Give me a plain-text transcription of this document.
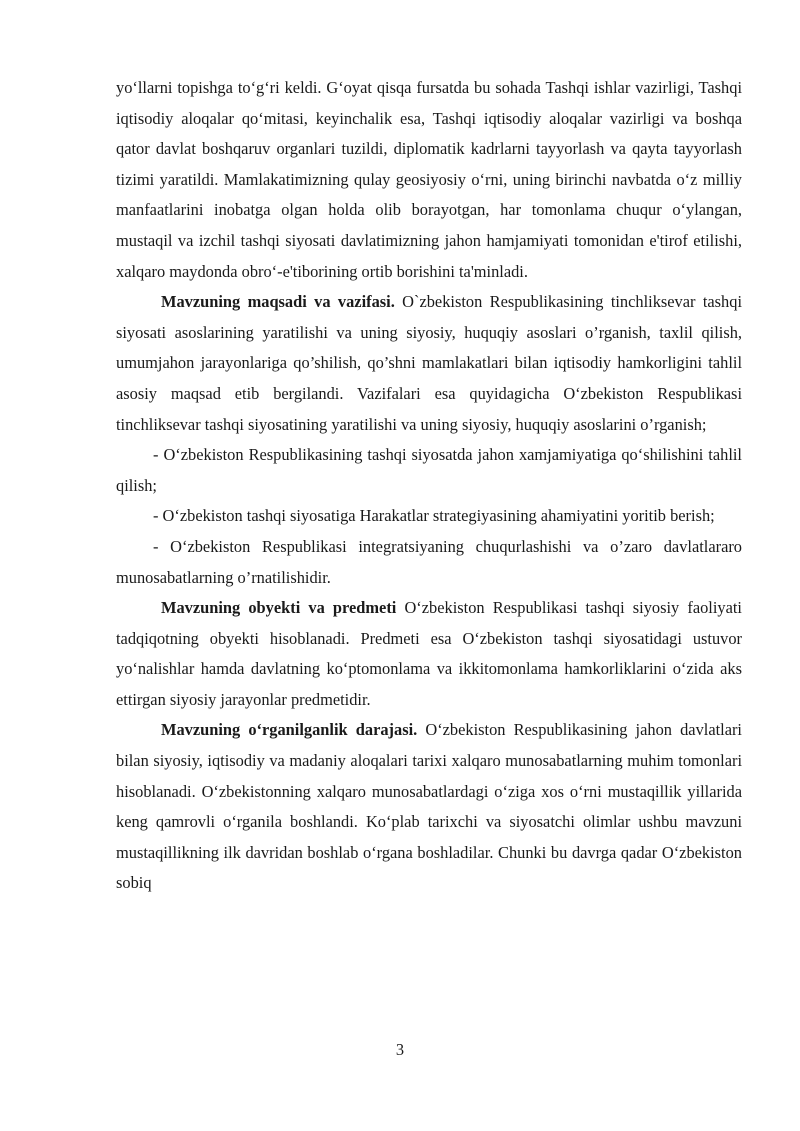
yo‘llarni topishga to‘g‘ri keldi. G‘oyat qisqa fursatda bu sohada Tashqi ishlar vazirligi, Tashqi iqtisodiy aloqalar qo‘mitasi, keyinchalik esa, Tashqi iqtisodiy aloqalar vazirligi va boshqa qator davlat boshqaruv organlari tuzildi, diplomatik kadrlarni tayyorlash va qayta tayyorlash tizimi yaratildi. Mamlakatimizning qulay geosiyosiy o‘rni, uning birinchi navbatda o‘z milliy manfaatlarini inobatga olgan holda olib borayotgan, har tomonlama chuqur o‘ylangan, mustaqil va izchil tashqi siyosati davlatimizning jahon hamjamiyati tomonidan e'tirof etilishi, xalqaro maydonda obro‘-e'tiborining ortib borishini ta'minladi.

Mavzuning maqsadi va vazifasi. O`zbekiston Respublikasining tinchliksevar tashqi siyosati asoslarining yaratilishi va uning siyosiy, huquqiy asoslari o’rganish, taxlil qilish, umumjahon jarayonlariga qo’shilish, qo’shni mamlakatlari bilan iqtisodiy hamkorligini tahlil asosiy maqsad etib bergilandi. Vazifalari esa quyidagicha O‘zbekiston Respublikasi tinchliksevar tashqi siyosatining yaratilishi va uning siyosiy, huquqiy asoslarini o’rganish;

- O‘zbekiston Respublikasining tashqi siyosatda jahon xamjamiyatiga qo‘shilishini tahlil qilish;

- O‘zbekiston tashqi siyosatiga Harakatlar strategiyasining ahamiyatini yoritib berish;

- O‘zbekiston Respublikasi integratsiyaning chuqurlashishi va o’zaro davlatlararo munosabatlarning o’rnatilishidir.

Mavzuning obyekti va predmeti O‘zbekiston Respublikasi tashqi siyosiy faoliyati tadqiqotning obyekti hisoblanadi. Predmeti esa O‘zbekiston tashqi siyosatidagi ustuvor yo‘nalishlar hamda davlatning ko‘ptomonlama va ikkitomonlama hamkorliklarini o‘zida aks ettirgan siyosiy jarayonlar predmetidir.

Mavzuning o‘rganilganlik darajasi. O‘zbekiston Respublikasining jahon davlatlari bilan siyosiy, iqtisodiy va madaniy aloqalari tarixi xalqaro munosabatlarning muhim tomonlari hisoblanadi. O‘zbekistonning xalqaro munosabatlardagi o‘ziga xos o‘rni mustaqillik yillarida keng qamrovli o‘rganila boshlandi. Ko‘plab tarixchi va siyosatchi olimlar ushbu mavzuni mustaqillikning ilk davridan boshlab o‘rgana boshladilar. Chunki bu davrga qadar O‘zbekiston sobiq

3
